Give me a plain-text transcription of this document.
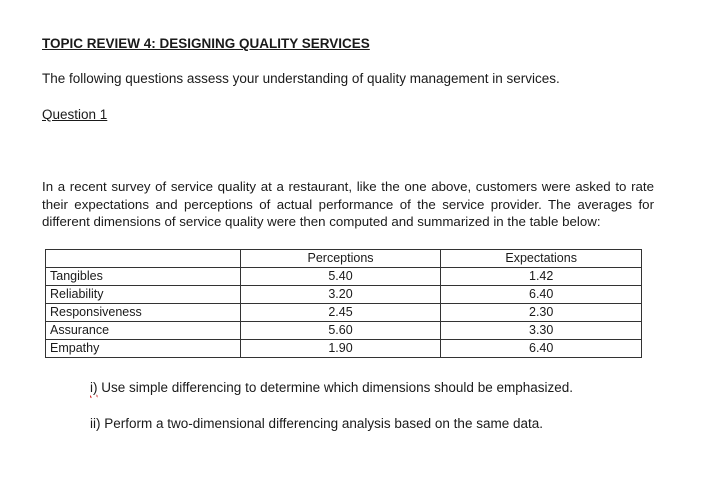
TOPIC REVIEW 4: DESIGNING QUALITY SERVICES

The following questions assess your understanding of quality management in services.

Question 1

In a recent survey of service quality at a restaurant, like the one above, customers were asked to rate their expectations and perceptions of actual performance of the service provider. The averages for different dimensions of service quality were then computed and summarized in the table below:

	Perceptions	Expectations
Tangibles	5.40	1.42
Reliability	3.20	6.40
Responsiveness	2.45	2.30
Assurance	5.60	3.30
Empathy	1.90	6.40

i) Use simple differencing to determine which dimensions should be emphasized.

ii) Perform a two-dimensional differencing analysis based on the same data.
